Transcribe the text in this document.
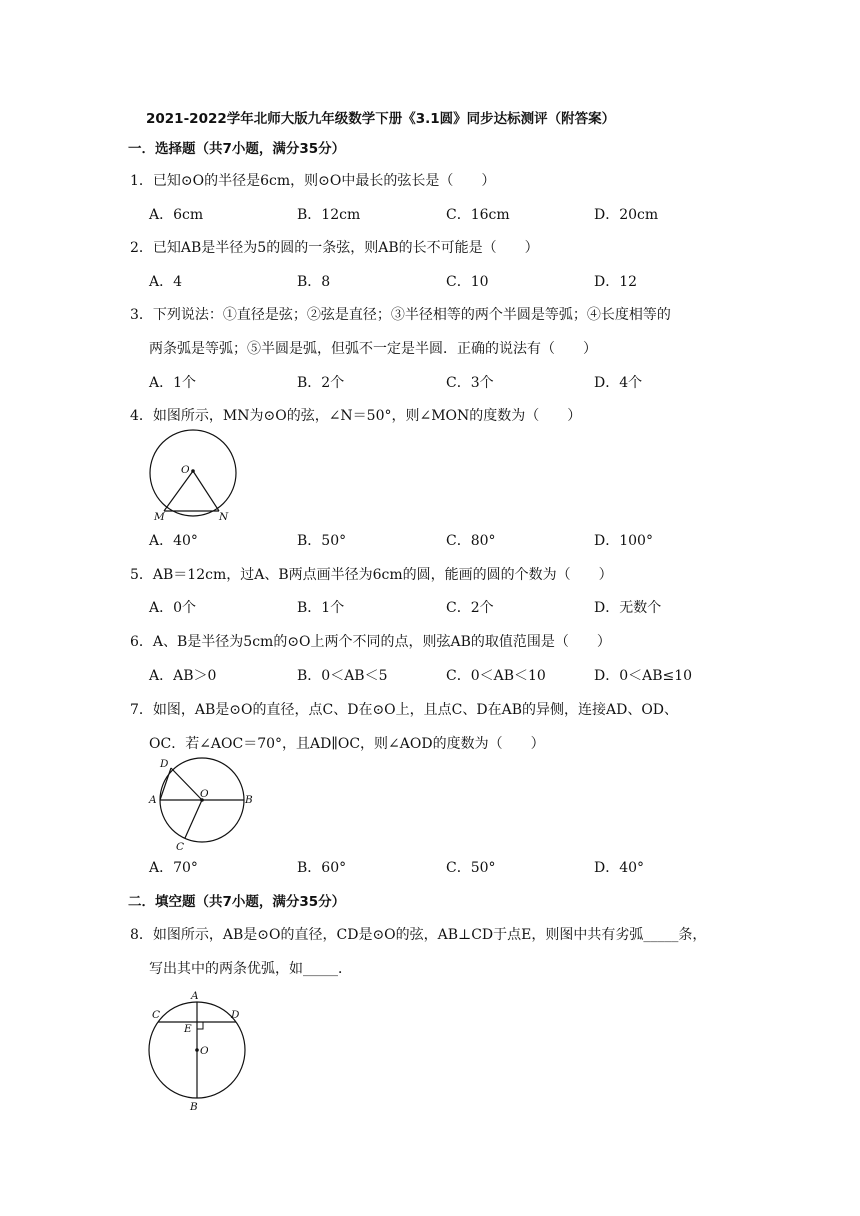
2021-2022学年北师大版九年级数学下册《3.1圆》同步达标测评（附答案）
一．选择题（共7小题，满分35分）
1．已知⊙O的半径是6cm，则⊙O中最长的弦长是（　　）
A．6cm	B．12cm	C．16cm	D．20cm
2．已知AB是半径为5的圆的一条弦，则AB的长不可能是（　　）
A．4	B．8	C．10	D．12
3．下列说法：①直径是弦；②弦是直径；③半径相等的两个半圆是等弧；④长度相等的
两条弧是等弧；⑤半圆是弧，但弧不一定是半圆．正确的说法有（　　）
A．1个	B．2个	C．3个	D．4个
4．如图所示，MN为⊙O的弦，∠N＝50°，则∠MON的度数为（　　）
O
M	N
A．40°	B．50°	C．80°	D．100°
5．AB＝12cm，过A、B两点画半径为6cm的圆，能画的圆的个数为（　　）
A．0个	B．1个	C．2个	D．无数个
6．A、B是半径为5cm的⊙O上两个不同的点，则弦AB的取值范围是（　　）
A．AB＞0	B．0＜AB＜5	C．0＜AB＜10	D．0＜AB≤10
7．如图，AB是⊙O的直径，点C、D在⊙O上，且点C、D在AB的异侧，连接AD、OD、
OC．若∠AOC＝70°，且AD∥OC，则∠AOD的度数为（　　）
D
A	O	B
C
A．70°	B．60°	C．50°	D．40°
二．填空题（共7小题，满分35分）
8．如图所示，AB是⊙O的直径，CD是⊙O的弦，AB⊥CD于点E，则图中共有劣弧_____条，
写出其中的两条优弧，如_____．
A
C	D
E
O
B
